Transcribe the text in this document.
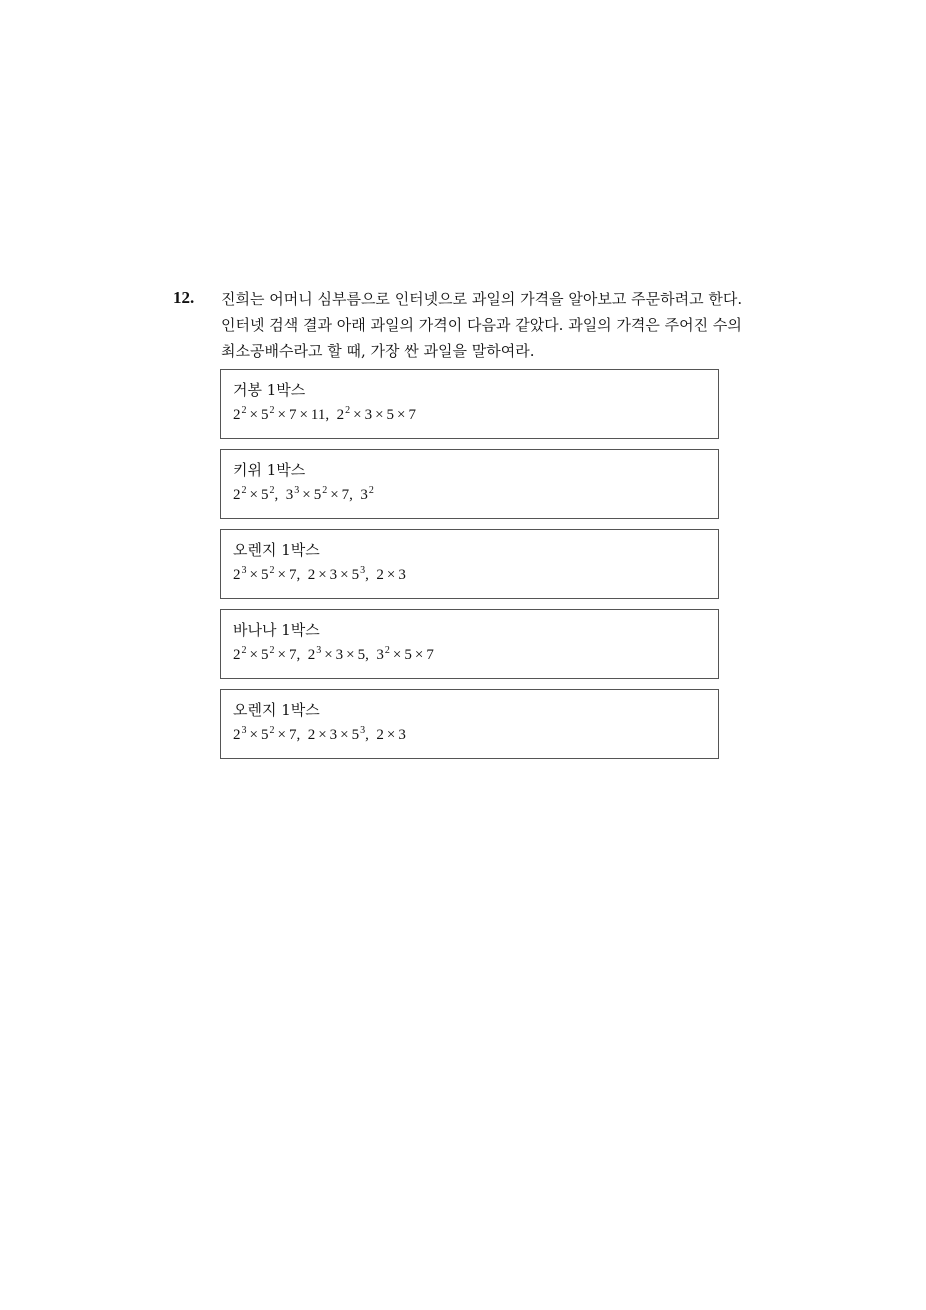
12. 진희는 어머니 심부름으로 인터넷으로 과일의 가격을 알아보고 주문하려고 한다.
인터넷 검색 결과 아래 과일의 가격이 다음과 같았다. 과일의 가격은 주어진 수의
최소공배수라고 할 때, 가장 싼 과일을 말하여라.
거봉 1박스
$2^2 \times 5^2 \times 7 \times 11$, $2^2 \times 3 \times 5 \times 7$
키위 1박스
$2^2 \times 5^2$, $3^3 \times 5^2 \times 7$, $3^2$
오렌지 1박스
$2^3 \times 5^2 \times 7$, $2 \times 3 \times 5^3$, 2 × 3
바나나 1박스
$2^2 \times 5^2 \times 7$, $2^3 \times 3 \times 5$, $3^2 \times 5 \times 7$
오렌지 1박스
$2^3 \times 5^2 \times 7$, $2 \times 3 \times 5^3$, 2 × 3
